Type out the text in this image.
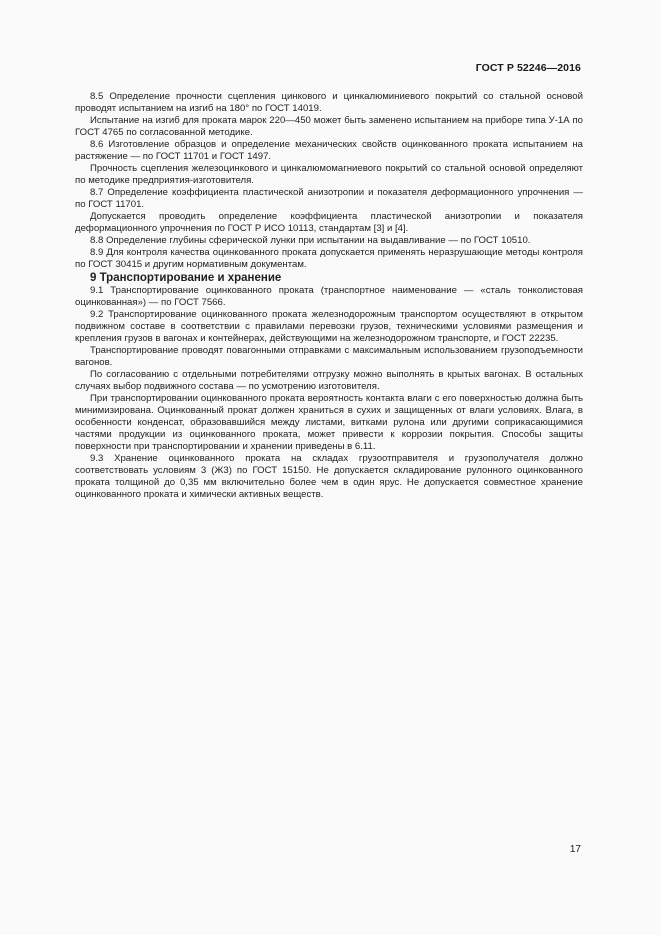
ГОСТ Р 52246—2016

8.5 Определение прочности сцепления цинкового и цинкалюминиевого покрытий со стальной основой проводят испытанием на изгиб на 180° по ГОСТ 14019.

Испытание на изгиб для проката марок 220—450 может быть заменено испытанием на приборе типа У-1А по ГОСТ 4765 по согласованной методике.

8.6 Изготовление образцов и определение механических свойств оцинкованного проката испытанием на растяжение — по ГОСТ 11701 и ГОСТ 1497.

Прочность сцепления железоцинкового и цинкалюмомагниевого покрытий со стальной основой определяют по методике предприятия-изготовителя.

8.7 Определение коэффициента пластической анизотропии и показателя деформационного упрочнения — по ГОСТ 11701.

Допускается проводить определение коэффициента пластической анизотропии и показателя деформационного упрочнения по ГОСТ Р ИСО 10113, стандартам [3] и [4].

8.8 Определение глубины сферической лунки при испытании на выдавливание — по ГОСТ 10510.

8.9 Для контроля качества оцинкованного проката допускается применять неразрушающие методы контроля по ГОСТ 30415 и другим нормативным документам.

9 Транспортирование и хранение

9.1 Транспортирование оцинкованного проката (транспортное наименование — «сталь тонколистовая оцинкованная») — по ГОСТ 7566.

9.2 Транспортирование оцинкованного проката железнодорожным транспортом осуществляют в открытом подвижном составе в соответствии с правилами перевозки грузов, техническими условиями размещения и крепления грузов в вагонах и контейнерах, действующими на железнодорожном транспорте, и ГОСТ 22235.

Транспортирование проводят повагонными отправками с максимальным использованием грузоподъемности вагонов.

По согласованию с отдельными потребителями отгрузку можно выполнять в крытых вагонах. В остальных случаях выбор подвижного состава — по усмотрению изготовителя.

При транспортировании оцинкованного проката вероятность контакта влаги с его поверхностью должна быть минимизирована. Оцинкованный прокат должен храниться в сухих и защищенных от влаги условиях. Влага, в особенности конденсат, образовавшийся между листами, витками рулона или другими соприкасающимися частями продукции из оцинкованного проката, может привести к коррозии покрытия. Способы защиты поверхности при транспортировании и хранении приведены в 6.11.

9.3 Хранение оцинкованного проката на складах грузоотправителя и грузополучателя должно соответствовать условиям 3 (Ж3) по ГОСТ 15150. Не допускается складирование рулонного оцинкованного проката толщиной до 0,35 мм включительно более чем в один ярус. Не допускается совместное хранение оцинкованного проката и химически активных веществ.

17
